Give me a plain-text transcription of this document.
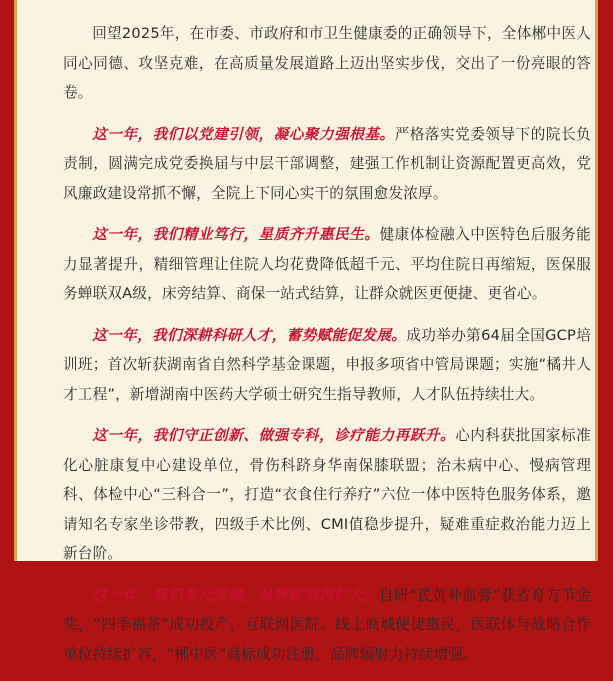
回望2025年，在市委、市政府和市卫生健康委的正确领导下，全体郴中医人同心同德、攻坚克难，在高质量发展道路上迈出坚实步伐，交出了一份亮眼的答卷。

这一年，我们以党建引领，凝心聚力强根基。严格落实党委领导下的院长负责制，圆满完成党委换届与中层干部调整，建强工作机制让资源配置更高效，党风廉政建设常抓不懈，全院上下同心实干的氛围愈发浓厚。

这一年，我们精业笃行，星质齐升惠民生。健康体检融入中医特色后服务能力显著提升，精细管理让住院人均花费降低超千元、平均住院日再缩短，医保服务蝉联双A级，床旁结算、商保一站式结算，让群众就医更便捷、更省心。

这一年，我们深耕科研人才，蓄势赋能促发展。成功举办第64届全国GCP培训班；首次斩获湖南省自然科学基金课题，申报多项省中管局课题；实施“橘井人才工程”，新增湖南中医药大学硕士研究生指导教师，人才队伍持续壮大。

这一年，我们守正创新、做强专科，诊疗能力再跃升。心内科获批国家标准化心脏康复中心建设单位，骨伤科跻身华南保膝联盟；治未病中心、慢病管理科、体检中心“三科合一”，打造“衣食住行养疗”六位一体中医特色服务体系，邀请知名专家坐诊带教，四级手术比例、CMI值稳步提升，疑难重症救治能力迈上新台阶。

这一年，我们多元发展，品牌影响再扩大。自研“芪黄补血膏”获省育方节金奖，“四季福茶”成功投产，互联网医院、线上商城便捷惠民，医联体与战略合作单位持续扩容，“郴中医”商标成功注册，品牌辐射力持续增强。
